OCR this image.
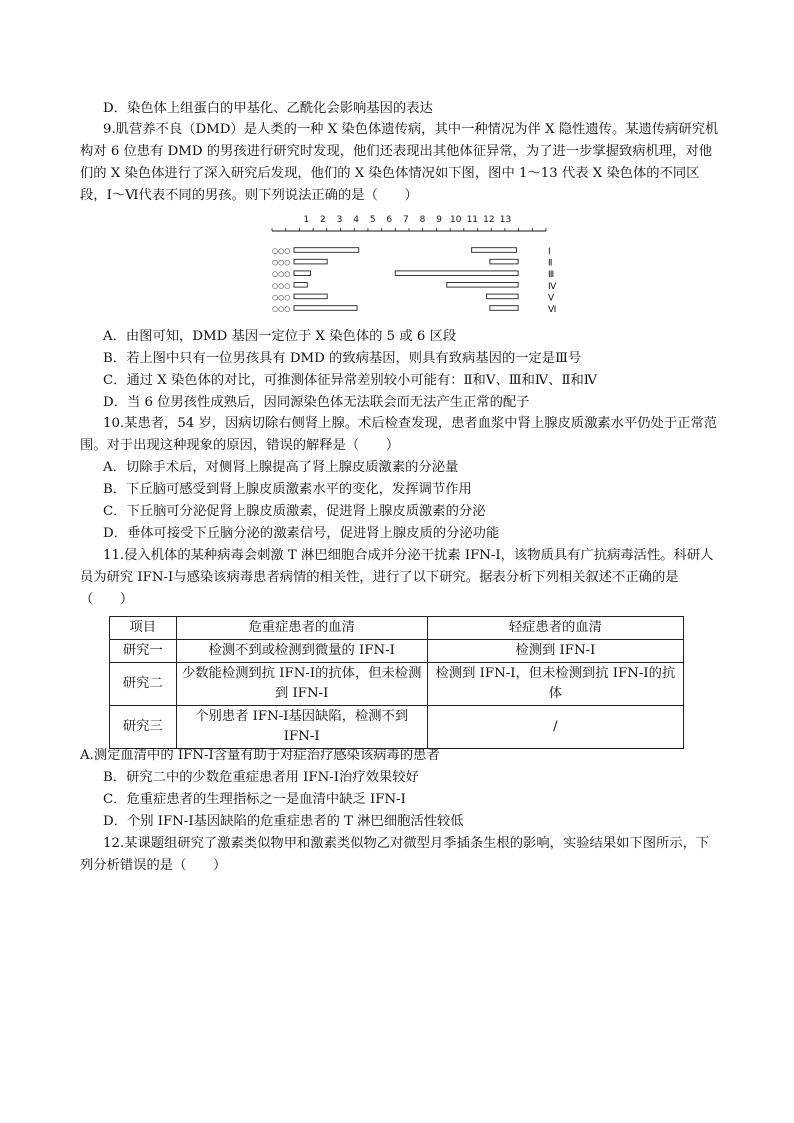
D．染色体上组蛋白的甲基化、乙酰化会影响基因的表达
9.肌营养不良（DMD）是人类的一种 X 染色体遗传病，其中一种情况为伴 X 隐性遗传。某遗传病研究机构对 6 位患有 DMD 的男孩进行研究时发现，他们还表现出其他体征异常，为了进一步掌握致病机理，对他们的 X 染色体进行了深入研究后发现，他们的 X 染色体情况如下图，图中 1～13 代表 X 染色体的不同区段，Ⅰ～Ⅵ代表不同的男孩。则下列说法正确的是（　　）
1 2 3 4 5 6 7 8 9 10 11 12 13
○○○	Ⅰ
○○○	Ⅱ
○○○	Ⅲ
○○○	Ⅳ
○○○	Ⅴ
○○○	Ⅵ
A．由图可知，DMD 基因一定位于 X 染色体的 5 或 6 区段
B．若上图中只有一位男孩具有 DMD 的致病基因，则具有致病基因的一定是Ⅲ号
C．通过 X 染色体的对比，可推测体征异常差别较小可能有：Ⅱ和Ⅴ、Ⅲ和Ⅳ、Ⅱ和Ⅳ
D．当 6 位男孩性成熟后，因同源染色体无法联会而无法产生正常的配子
10.某患者，54 岁，因病切除右侧肾上腺。术后检查发现，患者血浆中肾上腺皮质激素水平仍处于正常范围。对于出现这种现象的原因，错误的解释是（　　）
A．切除手术后，对侧肾上腺提高了肾上腺皮质激素的分泌量
B．下丘脑可感受到肾上腺皮质激素水平的变化，发挥调节作用
C．下丘脑可分泌促肾上腺皮质激素，促进肾上腺皮质激素的分泌
D．垂体可接受下丘脑分泌的激素信号，促进肾上腺皮质的分泌功能
11.侵入机体的某种病毒会刺激 T 淋巴细胞合成并分泌干扰素 IFN-Ⅰ，该物质具有广抗病毒活性。科研人员为研究 IFN-Ⅰ与感染该病毒患者病情的相关性，进行了以下研究。据表分析下列相关叙述不正确的是（　　）
项目	危重症患者的血清	轻症患者的血清
研究一	检测不到或检测到微量的 IFN-Ⅰ	检测到 IFN-Ⅰ
研究二	少数能检测到抗 IFN-Ⅰ的抗体，但未检测到 IFN-Ⅰ	检测到 IFN-Ⅰ，但未检测到抗 IFN-Ⅰ的抗体
研究三	个别患者 IFN-Ⅰ基因缺陷，检测不到 IFN-Ⅰ	/
A.测定血清中的 IFN-Ⅰ含量有助于对症治疗感染该病毒的患者
B．研究二中的少数危重症患者用 IFN-Ⅰ治疗效果较好
C．危重症患者的生理指标之一是血清中缺乏 IFN-Ⅰ
D．个别 IFN-Ⅰ基因缺陷的危重症患者的 T 淋巴细胞活性较低
12.某课题组研究了激素类似物甲和激素类似物乙对微型月季插条生根的影响，实验结果如下图所示，下列分析错误的是（　　）
